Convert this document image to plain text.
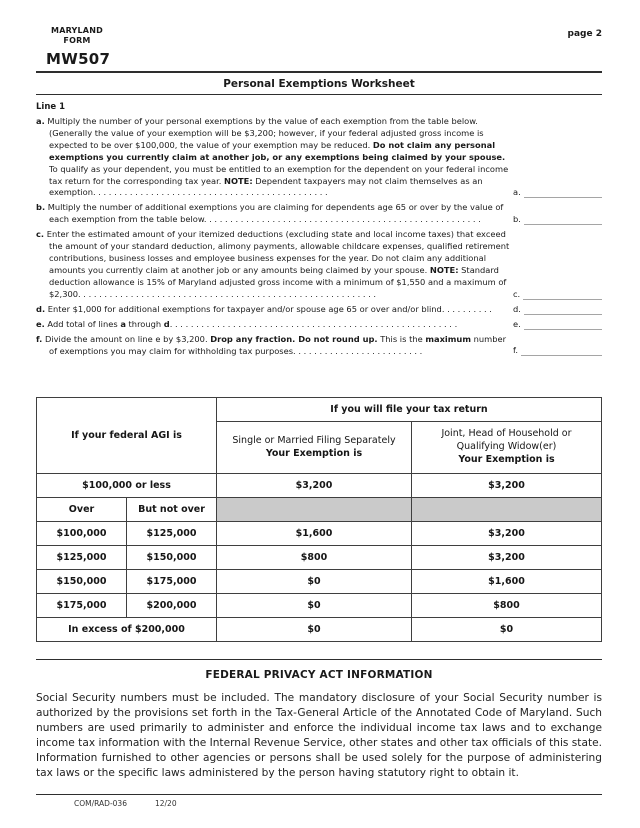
MARYLAND
FORM
MW507
page 2
Personal Exemptions Worksheet
Line 1
a. Multiply the number of your personal exemptions by the value of each exemption from the table below. (Generally the value of your exemption will be $3,200; however, if your federal adjusted gross income is expected to be over $100,000, the value of your exemption may be reduced. Do not claim any personal exemptions you currently claim at another job, or any exemptions being claimed by your spouse. To qualify as your dependent, you must be entitled to an exemption for the dependent on your federal income tax return for the corresponding tax year. NOTE: Dependent taxpayers may not claim themselves as an exemption. . . . . . . . . . . . . . . . . . . . . . . . . . . . . . . . . . . . . . . . . . . . .	a.
b. Multiply the number of additional exemptions you are claiming for dependents age 65 or over by the value of each exemption from the table below. . . . . . . . . . . . . . . . . . . . . . . . . . . . . . . . . . . . . . . . . . . . . . . . . . . . .	b.
c. Enter the estimated amount of your itemized deductions (excluding state and local income taxes) that exceed the amount of your standard deduction, alimony payments, allowable childcare expenses, qualified retirement contributions, business losses and employee business expenses for the year. Do not claim any additional amounts you currently claim at another job or any amounts being claimed by your spouse. NOTE: Standard deduction allowance is 15% of Maryland adjusted gross income with a minimum of $1,550 and a maximum of $2,300. . . . . . . . . . . . . . . . . . . . . . . . . . . . . . . . . . . . . . . . . . . . . . . . . . . . . . . . .	c.
d. Enter $1,000 for additional exemptions for taxpayer and/or spouse age 65 or over and/or blind. . . . . . . . . .	d.
e. Add total of lines a through d. . . . . . . . . . . . . . . . . . . . . . . . . . . . . . . . . . . . . . . . . . . . . . . . . . . . . . .	e.
f. Divide the amount on line e by $3,200. Drop any fraction. Do not round up. This is the maximum number of exemptions you may claim for withholding tax purposes. . . . . . . . . . . . . . . . . . . . . . . . .	f.
If your federal AGI is		If you will file your tax return	

Single or Married Filing Separately
Your Exemption is

Joint, Head of Household or Qualifying Widow(er)
Your Exemption is

$100,000 or less		$3,200	$3,200
Over	But not over		
$100,000	$125,000	$1,600	$3,200
$125,000	$150,000	$800	$3,200
$150,000	$175,000	$0	$1,600
$175,000	$200,000	$0	$800
In excess of $200,000		$0	$0
FEDERAL PRIVACY ACT INFORMATION
Social Security numbers must be included. The mandatory disclosure of your Social Security number is authorized by the provisions set forth in the Tax-General Article of the Annotated Code of Maryland. Such numbers are used primarily to administer and enforce the individual income tax laws and to exchange income tax information with the Internal Revenue Service, other states and other tax officials of this state. Information furnished to other agencies or persons shall be used solely for the purpose of administering tax laws or the specific laws administered by the person having statutory right to obtain it.
COM/RAD-036	12/20
